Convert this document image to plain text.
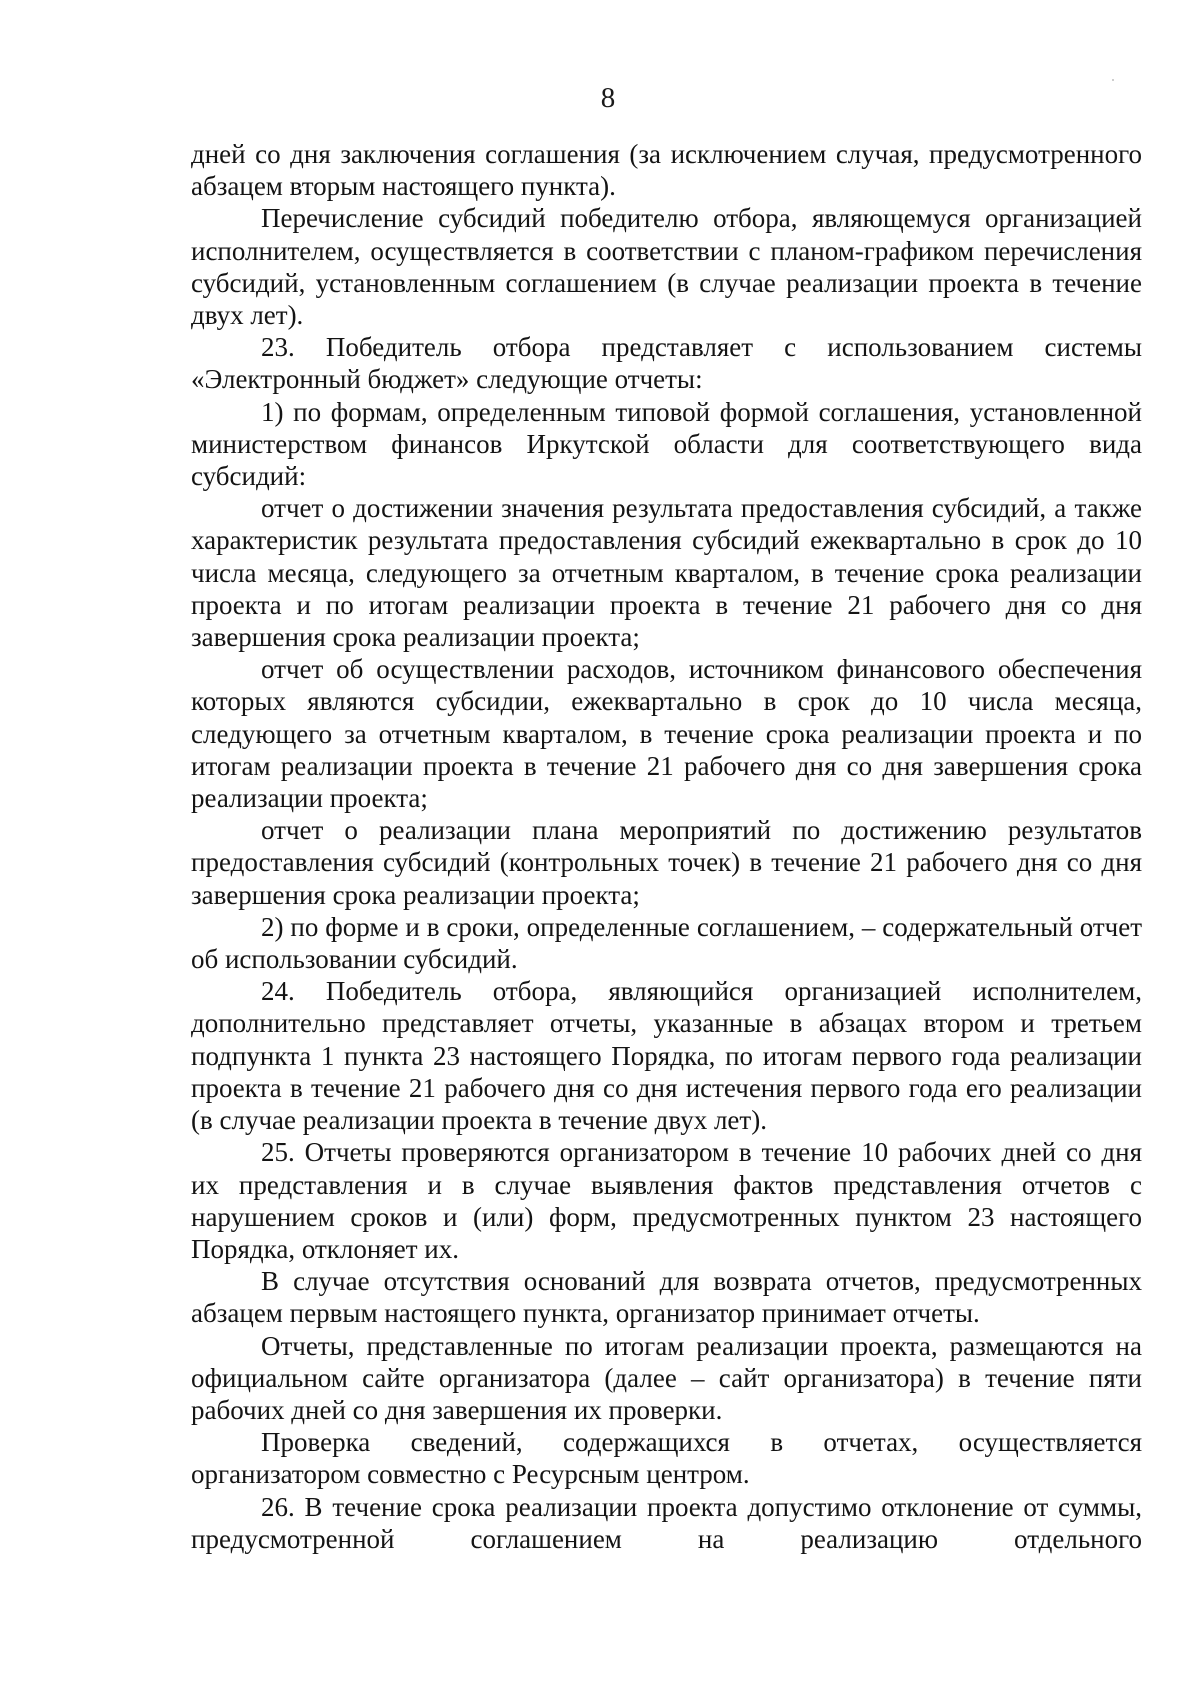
8

дней со дня заключения соглашения (за исключением случая, предусмотренного абзацем вторым настоящего пункта).

Перечисление субсидий победителю отбора, являющемуся организацией исполнителем, осуществляется в соответствии с планом-графиком перечисления субсидий, установленным соглашением (в случае реализации проекта в течение двух лет).

23. Победитель отбора представляет с использованием системы «Электронный бюджет» следующие отчеты:

1) по формам, определенным типовой формой соглашения, установленной министерством финансов Иркутской области для соответствующего вида субсидий:

отчет о достижении значения результата предоставления субсидий, а также характеристик результата предоставления субсидий ежеквартально в срок до 10 числа месяца, следующего за отчетным кварталом, в течение срока реализации проекта и по итогам реализации проекта в течение 21 рабочего дня со дня завершения срока реализации проекта;

отчет об осуществлении расходов, источником финансового обеспечения которых являются субсидии, ежеквартально в срок до 10 числа месяца, следующего за отчетным кварталом, в течение срока реализации проекта и по итогам реализации проекта в течение 21 рабочего дня со дня завершения срока реализации проекта;

отчет о реализации плана мероприятий по достижению результатов предоставления субсидий (контрольных точек) в течение 21 рабочего дня со дня завершения срока реализации проекта;

2) по форме и в сроки, определенные соглашением, – содержательный отчет об использовании субсидий.

24. Победитель отбора, являющийся организацией исполнителем, дополнительно представляет отчеты, указанные в абзацах втором и третьем подпункта 1 пункта 23 настоящего Порядка, по итогам первого года реализации проекта в течение 21 рабочего дня со дня истечения первого года его реализации (в случае реализации проекта в течение двух лет).

25. Отчеты проверяются организатором в течение 10 рабочих дней со дня их представления и в случае выявления фактов представления отчетов с нарушением сроков и (или) форм, предусмотренных пунктом 23 настоящего Порядка, отклоняет их.

В случае отсутствия оснований для возврата отчетов, предусмотренных абзацем первым настоящего пункта, организатор принимает отчеты.

Отчеты, представленные по итогам реализации проекта, размещаются на официальном сайте организатора (далее – сайт организатора) в течение пяти рабочих дней со дня завершения их проверки.

Проверка сведений, содержащихся в отчетах, осуществляется организатором совместно с Ресурсным центром.

26. В течение срока реализации проекта допустимо отклонение от суммы, предусмотренной соглашением на реализацию отдельного
